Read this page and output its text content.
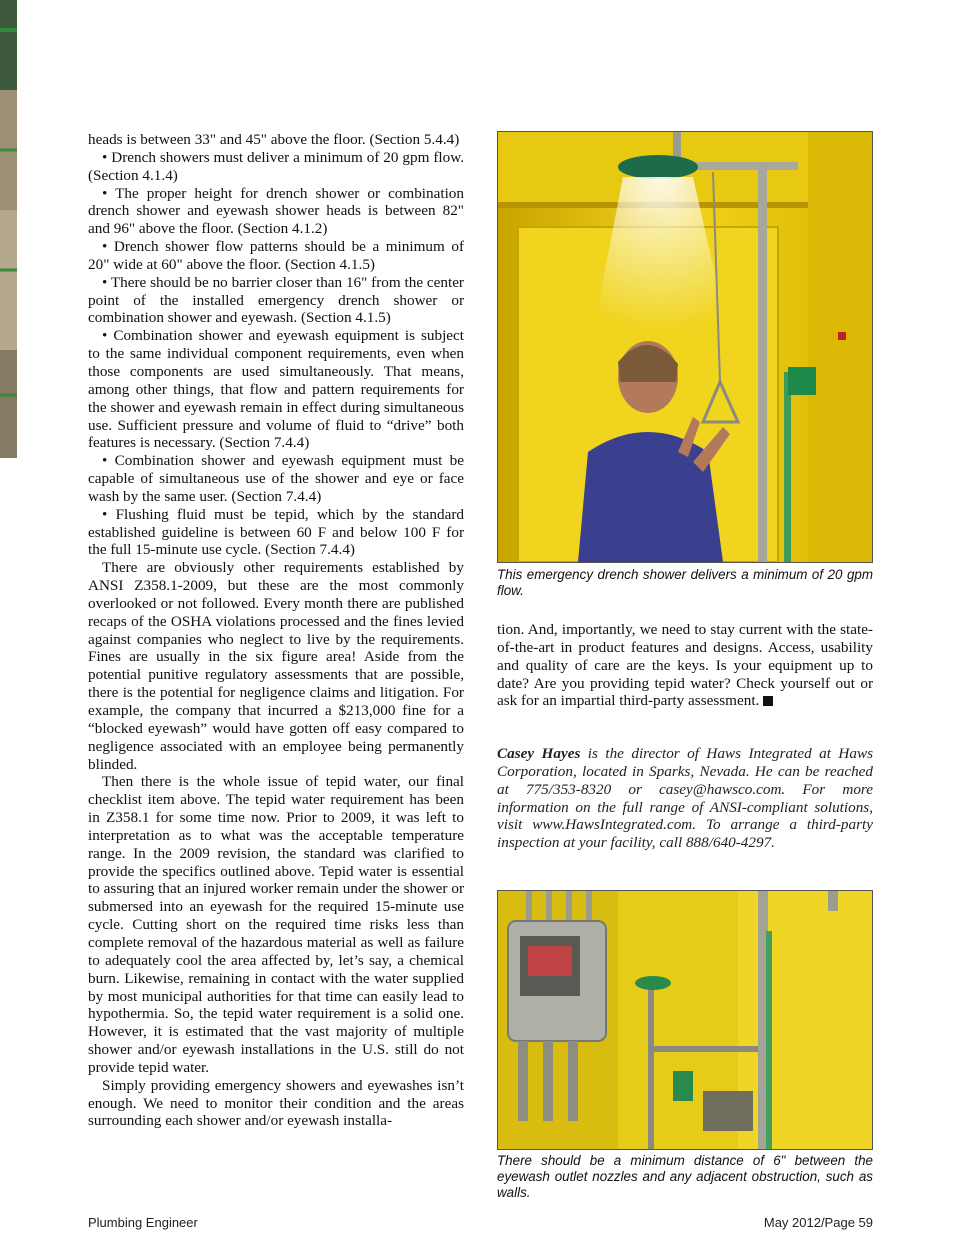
heads is between 33" and 45" above the floor. (Section 5.4.4)

• Drench showers must deliver a minimum of 20 gpm flow. (Section 4.1.4)

• The proper height for drench shower or combination drench shower and eyewash shower heads is between 82" and 96" above the floor. (Section 4.1.2)

• Drench shower flow patterns should be a minimum of 20" wide at 60" above the floor. (Section 4.1.5)

• There should be no barrier closer than 16" from the center point of the installed emergency drench shower or combination shower and eyewash. (Section 4.1.5)

• Combination shower and eyewash equipment is subject to the same individual component requirements, even when those components are used simultaneously. That means, among other things, that flow and pattern requirements for the shower and eyewash remain in effect during simultaneous use. Sufficient pressure and volume of fluid to “drive” both features is necessary. (Section 7.4.4)

• Combination shower and eyewash equipment must be capable of simultaneous use of the shower and eye or face wash by the same user. (Section 7.4.4)

• Flushing fluid must be tepid, which by the standard established guideline is between 60 F and below 100 F for the full 15-minute use cycle. (Section 7.4.4)

There are obviously other requirements established by ANSI Z358.1-2009, but these are the most commonly overlooked or not followed. Every month there are published recaps of the OSHA violations processed and the fines levied against companies who neglect to live by the requirements. Fines are usually in the six figure area! Aside from the potential punitive regulatory assessments that are possible, there is the potential for negligence claims and litigation. For example, the company that incurred a $213,000 fine for a “blocked eyewash” would have gotten off easy compared to negligence associated with an employee being permanently blinded.

Then there is the whole issue of tepid water, our final checklist item above. The tepid water requirement has been in Z358.1 for some time now. Prior to 2009, it was left to interpretation as to what was the acceptable temperature range. In the 2009 revision, the standard was clarified to provide the specifics outlined above. Tepid water is essential to assuring that an injured worker remain under the shower or submersed into an eyewash for the required 15-minute use cycle. Cutting short on the required time risks less than complete removal of the hazardous material as well as failure to adequately cool the area affected by, let’s say, a chemical burn. Likewise, remaining in contact with the water supplied by most municipal authorities for that time can easily lead to hypothermia. So, the tepid water requirement is a solid one. However, it is estimated that the vast majority of multiple shower and/or eyewash installations in the U.S. still do not provide tepid water.

Simply providing emergency showers and eyewashes isn’t enough. We need to monitor their condition and the areas surrounding each shower and/or eyewash installa-

This emergency drench shower delivers a minimum of 20 gpm flow.

tion. And, importantly, we need to stay current with the state-of-the-art in product features and designs. Access, usability and quality of care are the keys. Is your equipment up to date? Are you providing tepid water? Check yourself out or ask for an impartial third-party assessment.

Casey Hayes is the director of Haws Integrated at Haws Corporation, located in Sparks, Nevada. He can be reached at 775/353-8320 or casey@hawsco.com. For more information on the full range of ANSI-compliant solutions, visit www.HawsIntegrated.com. To arrange a third-party inspection at your facility, call 888/640-4297.
There should be a minimum distance of 6" between the eyewash outlet nozzles and any adjacent obstruction, such as walls.
Plumbing Engineer	May 2012/Page 59
